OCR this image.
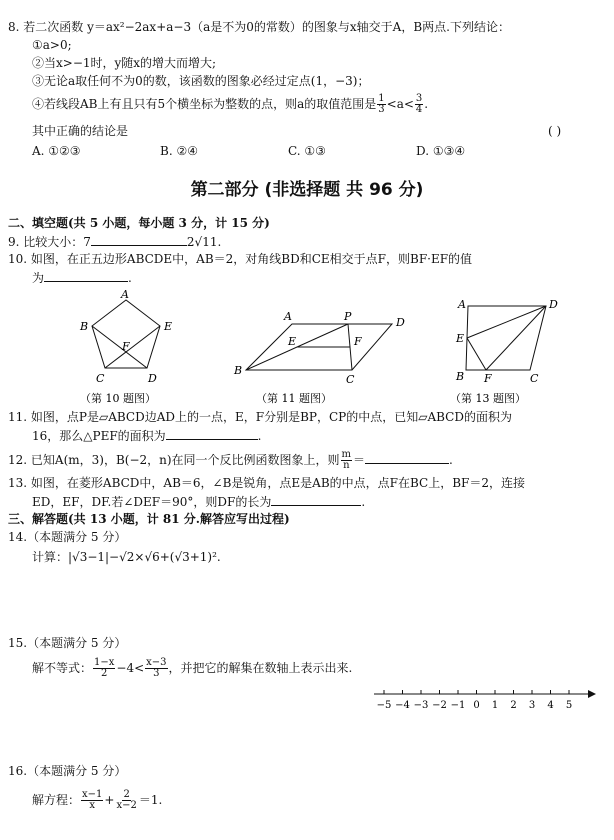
8. 若二次函数 y＝ax²−2ax+a−3（a是不为0的常数）的图象与x轴交于A，B两点.下列结论：
①a>0;
②当x>−1时，y随x的增大而增大;
③无论a取任何不为0的数，该函数的图象必经过定点(1，−3)；
④若线段AB上有且只有5个横坐标为整数的点，则a的取值范围是 $\frac{1}{3} <a< \frac{3}{4}$ .
其中正确的结论是	( )
A. ①②③	B. ②④	C. ①③	D. ①③④
第二部分 (非选择题 共 96 分)
二、填空题(共 5 小题，每小题 3 分，计 15 分)
9. 比较大小：7	2√11.
10. 如图，在正五边形ABCDE中，AB＝2，对角线BD和CE相交于点F，则BF·EF的值
为	.
A
B	E
F
C	D
A	P	D
E	F
B
C
A	D
E
B F	C
（第 10 题图）	（第 11 题图）	（第 13 题图）
11. 如图，点P是▱ABCD边AD上的一点，E，F分别是BP，CP的中点，已知▱ABCD的面积为
16，那么△PEF的面积为	.
12. 已知A(m，3)，B(−2，n)在同一个反比例函数图象上，则 $\frac{m}{n}$ ＝	.
13. 如图，在菱形ABCD中，AB＝6，∠B是锐角，点E是AB的中点，点F在BC上，BF＝2，连接
ED，EF，DF.若∠DEF＝90°，则DF的长为	.
三、解答题(共 13 小题，计 81 分.解答应写出过程)
14.（本题满分 5 分）
计算：|√3−1|−√2×√6+(√3+1)².
15.（本题满分 5 分）
解不等式： $\frac{1-x}{2} -4< \frac{x-3}{3}$ ，并把它的解集在数轴上表示出来.
−5 −4 −3 −2 −1 0 1 2 3 4 5
16.（本题满分 5 分）
解方程： $\frac{x-1}{x} + \frac{2}{x-2} =1$.
